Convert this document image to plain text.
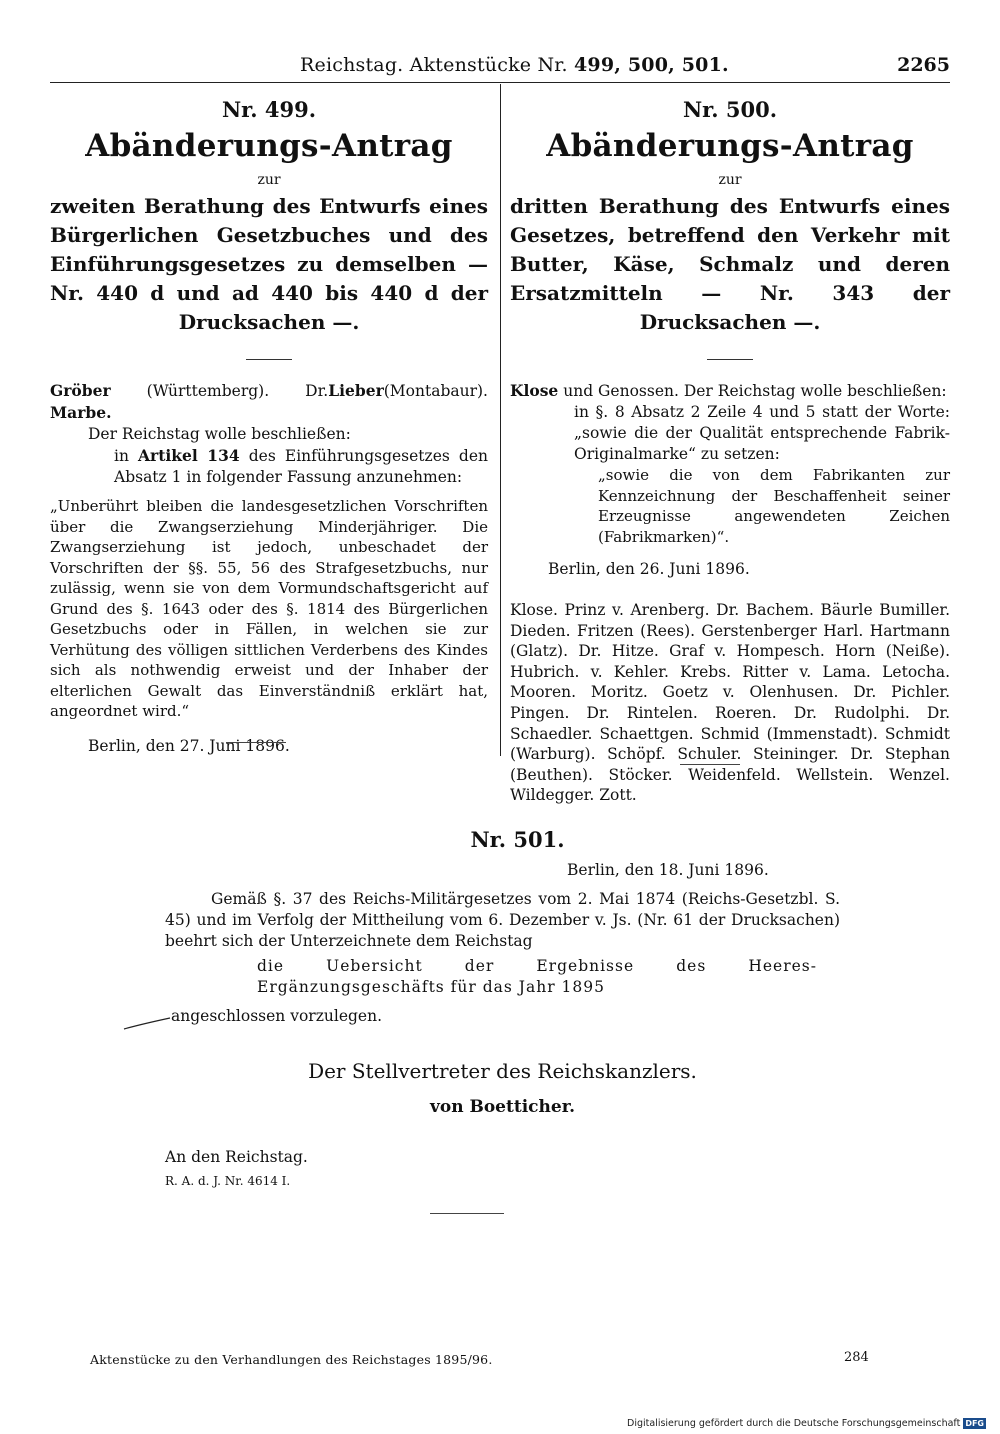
Reichstag. Aktenstücke Nr. 499, 500, 501.	2265

Nr. 499.

Abänderungs-Antrag

zur

zweiten Berathung des Entwurfs eines Bürgerlichen Gesetzbuches und des Einführungsgesetzes zu demselben — Nr. 440 d und ad 440 bis 440 d der Drucksachen —.

Gröber (Württemberg). Dr.Lieber(Montabaur). Marbe.

Der Reichstag wolle beschließen:

in Artikel 134 des Einführungsgesetzes den Absatz 1 in folgender Fassung anzunehmen:

„Unberührt bleiben die landesgesetzlichen Vorschriften über die Zwangserziehung Minderjähriger. Die Zwangserziehung ist jedoch, unbeschadet der Vorschriften der §§. 55, 56 des Strafgesetzbuchs, nur zulässig, wenn sie von dem Vormundschaftsgericht auf Grund des §. 1643 oder des §. 1814 des Bürgerlichen Gesetzbuchs oder in Fällen, in welchen sie zur Verhütung des völligen sittlichen Verderbens des Kindes sich als nothwendig erweist und der Inhaber der elterlichen Gewalt das Einverständniß erklärt hat, angeordnet wird.“

Berlin, den 27. Juni 1896.

Nr. 500.

Abänderungs-Antrag

zur

dritten Berathung des Entwurfs eines Gesetzes, betreffend den Verkehr mit Butter, Käse, Schmalz und deren Ersatzmitteln — Nr. 343 der Drucksachen —.

Klose und Genossen. Der Reichstag wolle beschließen:

in §. 8 Absatz 2 Zeile 4 und 5 statt der Worte: „sowie die der Qualität entsprechende Fabrik-Originalmarke“ zu setzen:

„sowie die von dem Fabrikanten zur Kennzeichnung der Beschaffenheit seiner Erzeugnisse angewendeten Zeichen (Fabrikmarken)“.

Berlin, den 26. Juni 1896.

Klose. Prinz v. Arenberg. Dr. Bachem. Bäurle Bumiller. Dieden. Fritzen (Rees). Gerstenberger Harl. Hartmann (Glatz). Dr. Hitze. Graf v. Hompesch. Horn (Neiße). Hubrich. v. Kehler. Krebs. Ritter v. Lama. Letocha. Mooren. Moritz. Goetz v. Olenhusen. Dr. Pichler. Pingen. Dr. Rintelen. Roeren. Dr. Rudolphi. Dr. Schaedler. Schaettgen. Schmid (Immenstadt). Schmidt (Warburg). Schöpf. Schuler. Steininger. Dr. Stephan (Beuthen). Stöcker. Weidenfeld. Wellstein. Wenzel. Wildegger. Zott.

Nr. 501.

Berlin, den 18. Juni 1896.

Gemäß §. 37 des Reichs-Militärgesetzes vom 2. Mai 1874 (Reichs-Gesetzbl. S. 45) und im Verfolg der Mittheilung vom 6. Dezember v. Js. (Nr. 61 der Drucksachen) beehrt sich der Unterzeichnete dem Reichstag

die Uebersicht der Ergebnisse des Heeres-Ergänzungsgeschäfts für das Jahr 1895

angeschlossen vorzulegen.

Der Stellvertreter des Reichskanzlers.

von Boetticher.

An den Reichstag.

R. A. d. J. Nr. 4614 I.

Aktenstücke zu den Verhandlungen des Reichstages 1895/96.	284
Digitalisierung gefördert durch die Deutsche Forschungsgemeinschaft DFG
